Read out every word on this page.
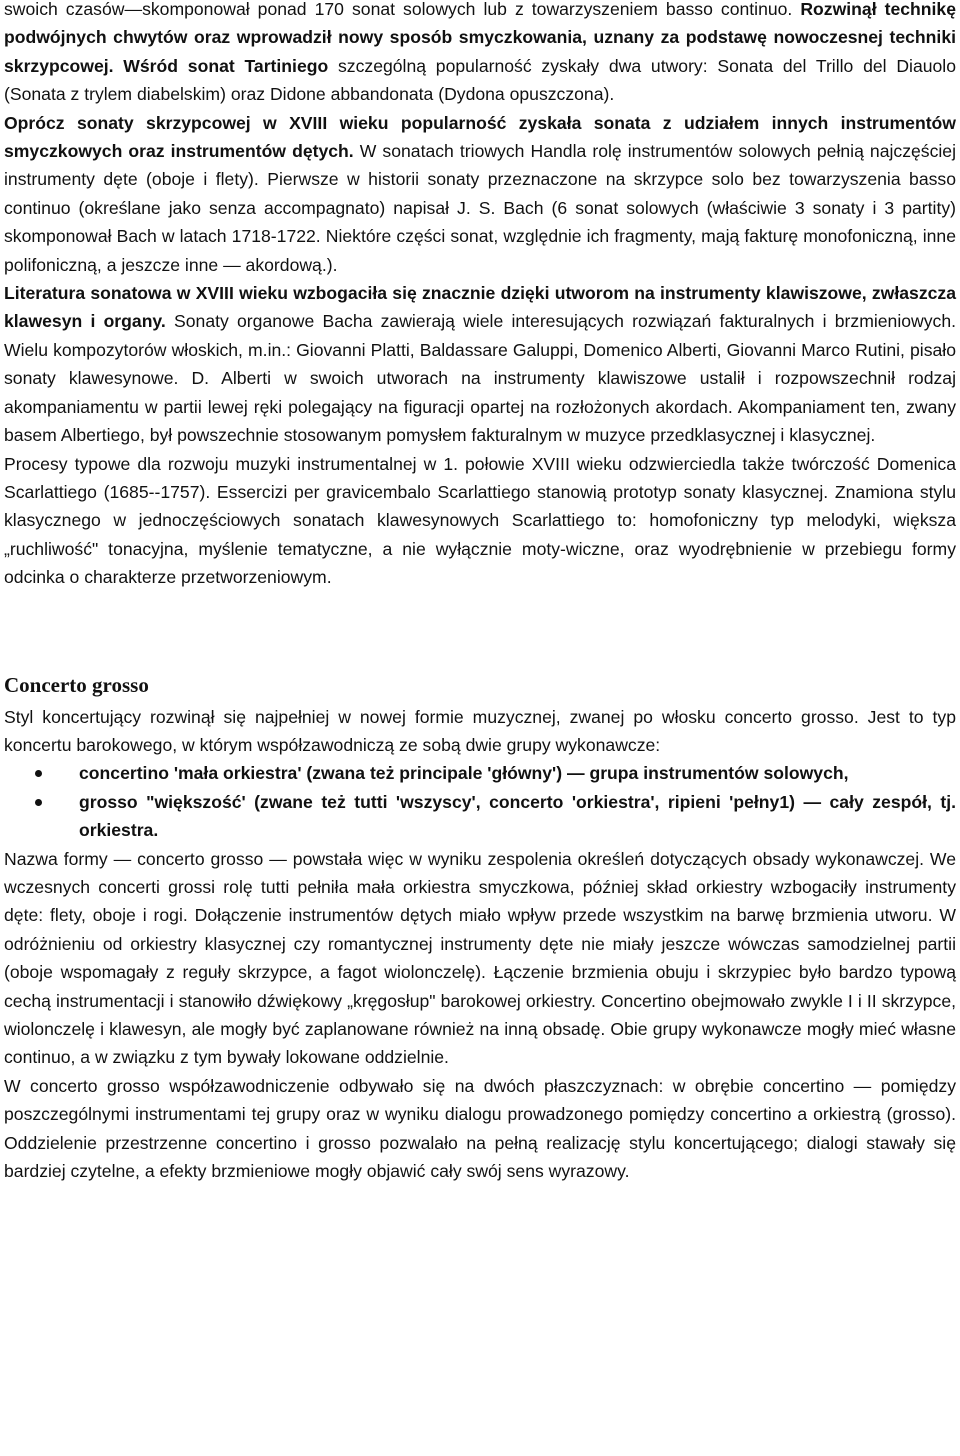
swoich czasów—skomponował ponad 170 sonat solowych lub z towarzyszeniem basso continuo. Rozwinął technikę podwójnych chwytów oraz wprowadził nowy sposób smyczkowania, uznany za podstawę nowoczesnej techniki skrzypcowej. Wśród sonat Tartiniego szczególną popularność zyskały dwa utwory: Sonata del Trillo del Diauolo (Sonata z trylem diabelskim) oraz Didone abbandonata (Dydona opuszczona).

Oprócz sonaty skrzypcowej w XVIII wieku popularność zyskała sonata z udziałem innych instrumentów smyczkowych oraz instrumentów dętych. W sonatach triowych Handla rolę instrumentów solowych pełnią najczęściej instrumenty dęte (oboje i flety). Pierwsze w historii sonaty przeznaczone na skrzypce solo bez towarzyszenia basso continuo (określane jako senza accompagnato) napisał J. S. Bach (6 sonat solowych (właściwie 3 sonaty i 3 partity) skomponował Bach w latach 1718-1722. Niektóre części sonat, względnie ich fragmenty, mają fakturę monofoniczną, inne polifoniczną, a jeszcze inne — akordową.).

Literatura sonatowa w XVIII wieku wzbogaciła się znacznie dzięki utworom na instrumenty klawiszowe, zwłaszcza klawesyn i organy. Sonaty organowe Bacha zawierają wiele interesujących rozwiązań fakturalnych i brzmieniowych. Wielu kompozytorów włoskich, m.in.: Giovanni Platti, Baldassare Galuppi, Domenico Alberti, Giovanni Marco Rutini, pisało sonaty klawesynowe. D. Alberti w swoich utworach na instrumenty klawiszowe ustalił i rozpowszechnił rodzaj akompaniamentu w partii lewej ręki polegający na figuracji opartej na rozłożonych akordach. Akompaniament ten, zwany basem Albertiego, był powszechnie stosowanym pomysłem fakturalnym w muzyce przedklasycznej i klasycznej.

Procesy typowe dla rozwoju muzyki instrumentalnej w 1. połowie XVIII wieku odzwierciedla także twórczość Domenica Scarlattiego (1685--1757). Essercizi per gravicembalo Scarlattiego stanowią prototyp sonaty klasycznej. Znamiona stylu klasycznego w jednoczęściowych sonatach klawesynowych Scarlattiego to: homofoniczny typ melodyki, większa „ruchliwość" tonacyjna, myślenie tematyczne, a nie wyłącznie moty-wiczne, oraz wyodrębnienie w przebiegu formy odcinka o charakterze przetworzeniowym.

Concerto grosso

Styl koncertujący rozwinął się najpełniej w nowej formie muzycznej, zwanej po włosku concerto grosso. Jest to typ koncertu barokowego, w którym współzawodniczą ze sobą dwie grupy wykonawcze:

concertino 'mała orkiestra' (zwana też principale 'główny') — grupa instrumentów solowych,
grosso "większość' (zwane też tutti 'wszyscy', concerto 'orkiestra', ripieni 'pełny1) — cały zespół, tj. orkiestra.

Nazwa formy — concerto grosso — powstała więc w wyniku zespolenia określeń dotyczących obsady wykonawczej. We wczesnych concerti grossi rolę tutti pełniła mała orkiestra smyczkowa, później skład orkiestry wzbogaciły instrumenty dęte: flety, oboje i rogi. Dołączenie instrumentów dętych miało wpływ przede wszystkim na barwę brzmienia utworu. W odróżnieniu od orkiestry klasycznej czy romantycznej instrumenty dęte nie miały jeszcze wówczas samodzielnej partii (oboje wspomagały z reguły skrzypce, a fagot wiolonczelę). Łączenie brzmienia obuju i skrzypiec było bardzo typową cechą instrumentacji i stanowiło dźwiękowy „kręgosłup" barokowej orkiestry. Concertino obejmowało zwykle I i II skrzypce, wiolonczelę i klawesyn, ale mogły być zaplanowane również na inną obsadę. Obie grupy wykonawcze mogły mieć własne continuo, a w związku z tym bywały lokowane oddzielnie.

W concerto grosso współzawodniczenie odbywało się na dwóch płaszczyznach: w obrębie concertino — pomiędzy poszczególnymi instrumentami tej grupy oraz w wyniku dialogu prowadzonego pomiędzy concertino a orkiestrą (grosso). Oddzielenie przestrzenne concertino i grosso pozwalało na pełną realizację stylu koncertującego; dialogi stawały się bardziej czytelne, a efekty brzmieniowe mogły objawić cały swój sens wyrazowy.
